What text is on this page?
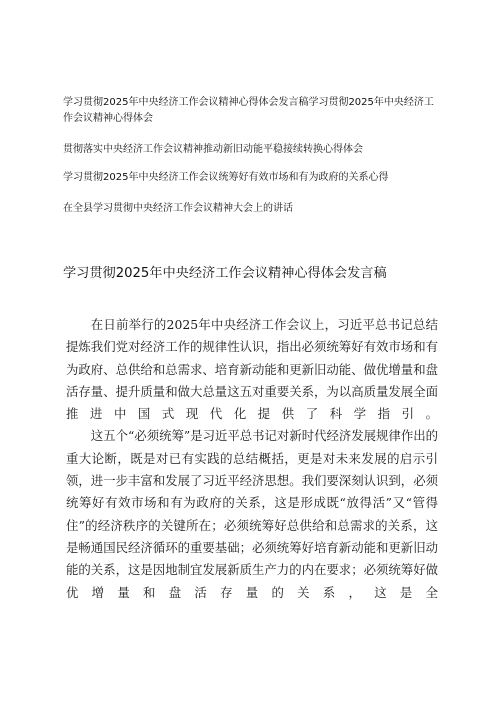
学习贯彻2025年中央经济工作会议精神心得体会发言稿学习贯彻2025年中央经济工作会议精神心得体会
贯彻落实中央经济工作会议精神推动新旧动能平稳接续转换心得体会
学习贯彻2025年中央经济工作会议统筹好有效市场和有为政府的关系心得
在全县学习贯彻中央经济工作会议精神大会上的讲话
学习贯彻2025年中央经济工作会议精神心得体会发言稿

在日前举行的2025年中央经济工作会议上，习近平总书记总结提炼我们党对经济工作的规律性认识，指出必须统筹好有效市场和有为政府、总供给和总需求、培育新动能和更新旧动能、做优增量和盘活存量、提升质量和做大总量这五对重要关系，为以高质量发展全面推进中国式现代化提供了科学指引。

这五个“必须统筹”是习近平总书记对新时代经济发展规律作出的重大论断，既是对已有实践的总结概括，更是对未来发展的启示引领，进一步丰富和发展了习近平经济思想。我们要深刻认识到，必须统筹好有效市场和有为政府的关系，这是形成既“放得活”又“管得住”的经济秩序的关键所在；必须统筹好总供给和总需求的关系，这是畅通国民经济循环的重要基础；必须统筹好培育新动能和更新旧动能的关系，这是因地制宜发展新质生产力的内在要求；必须统筹好做优增量和盘活存量的关系，这是全
